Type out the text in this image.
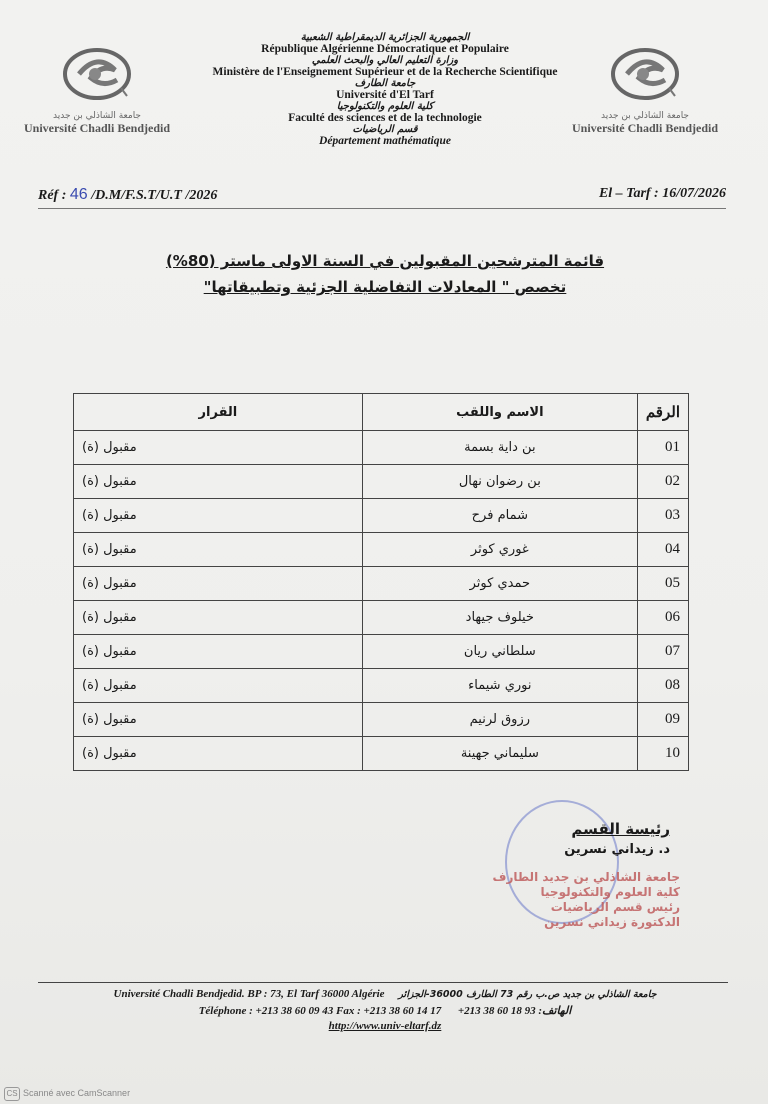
جامعة الشاذلي بن جديد
Université Chadli Bendjedid
جامعة الشاذلي بن جديد
Université Chadli Bendjedid
الجمهورية الجزائرية الديمقراطية الشعبية
République Algérienne Démocratique et Populaire
وزارة التعليم العالي والبحث العلمي
Ministère de l'Enseignement Supérieur et de la Recherche Scientifique
جامعة الطارف
Université d'El Tarf
كلية العلوم والتكنولوجيا
Faculté des sciences et de la technologie
قسم الرياضيات
Département mathématique
Réf : 46 /D.M/F.S.T/U.T /2026	El – Tarf : 16/07/2026
قائمة المترشحين المقبولين في السنة الاولى ماستر (80%)
تخصص " المعادلات التفاضلية الجزئية وتطبيقاتها"
الرقم	الاسم واللقب	القرار
01	بن داية بسمة	مقبول (ة)
02	بن رضوان نهال	مقبول (ة)
03	شمام فرح	مقبول (ة)
04	غوري كوثر	مقبول (ة)
05	حمدي كوثر	مقبول (ة)
06	خيلوف جيهاد	مقبول (ة)
07	سلطاني ريان	مقبول (ة)
08	نوري شيماء	مقبول (ة)
09	رزوق لرنيم	مقبول (ة)
10	سليماني جهينة	مقبول (ة)
رئيسة القسم
د. زيداني نسرين
جامعة الشاذلي بن جديد الطارف
كلية العلوم والتكنولوجيا
رئيس قسم الرياضيات
الدكتورة زيداني نسرين
Université Chadli Bendjedid. BP : 73, El Tarf 36000 Algérie جامعة الشاذلي بن جديد ص.ب رقم 73 الطارف 36000-الجزائر
Téléphone : +213 38 60 09 43 Fax : +213 38 60 14 17 +213 38 60 18 93 :الهاتف
http://www.univ-eltarf.dz
CS Scanné avec CamScanner
